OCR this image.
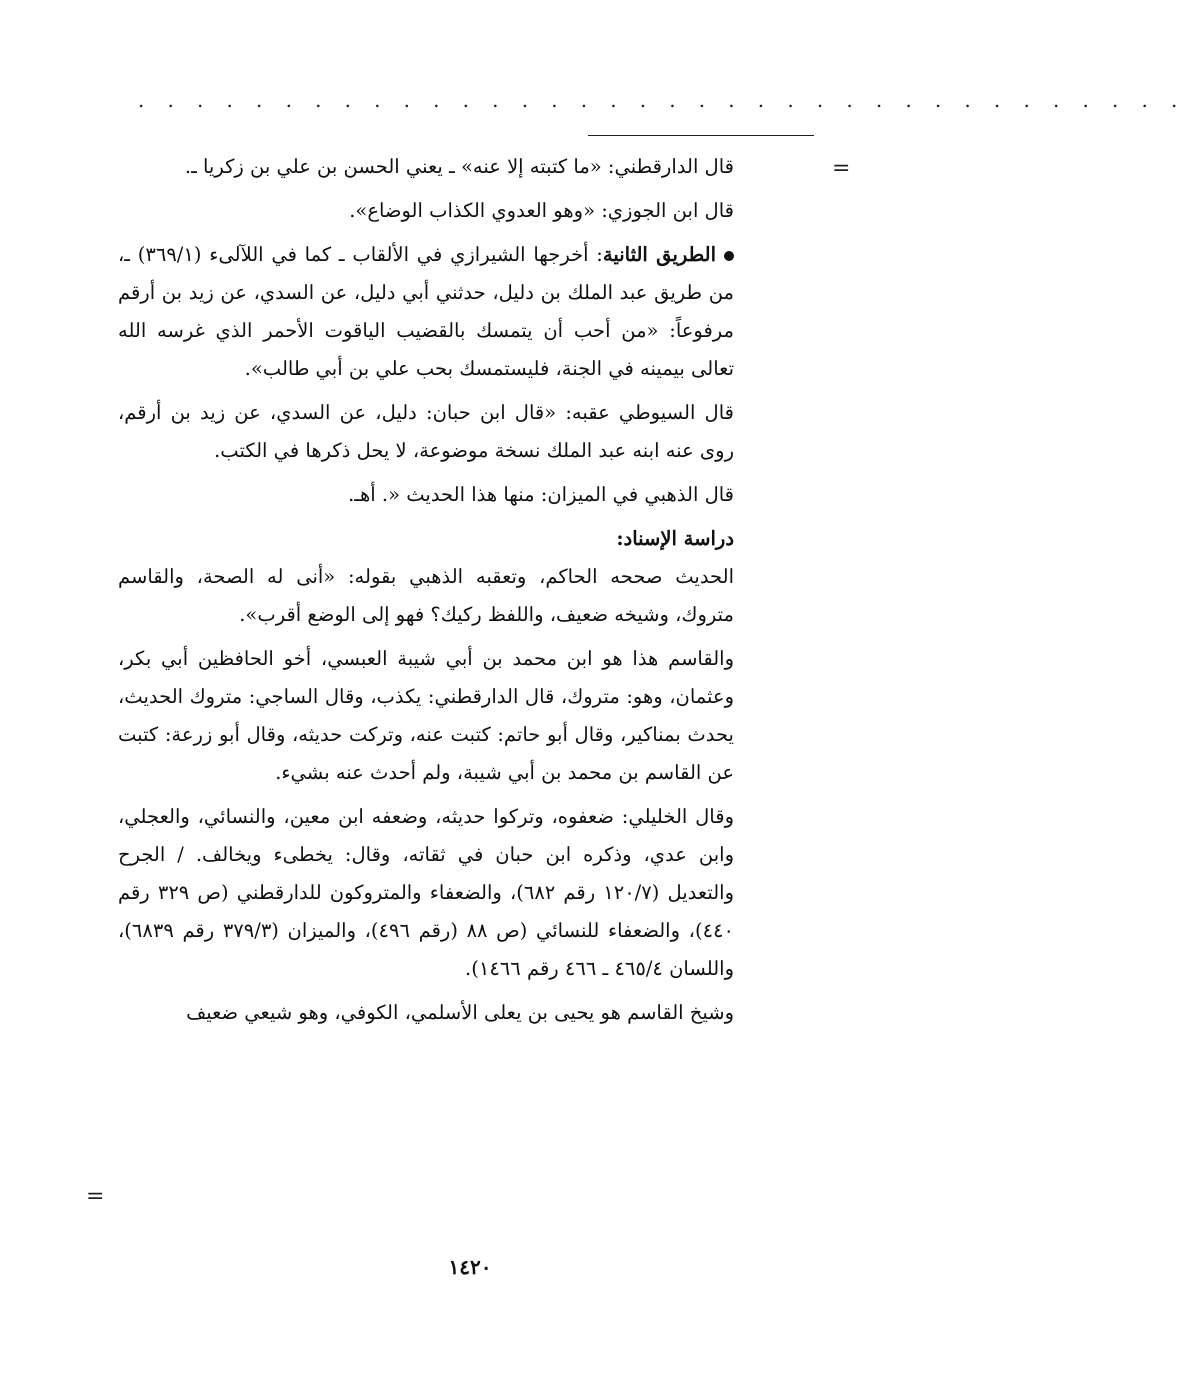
. . . . . . . . . . . . . . . . . . . . . . . . . . . . . . . . . . . .
=

قال الدارقطني: «ما كتبته إلا عنه» ـ يعني الحسن بن علي بن زكريا ـ.

قال ابن الجوزي: «وهو العدوي الكذاب الوضاع».

الطريق الثانية: أخرجها الشيرازي في الألقاب ـ كما في اللآلىء (٣٦٩/١) ـ، من طريق عبد الملك بن دليل، حدثني أبي دليل، عن السدي، عن زيد بن أرقم مرفوعاً: «من أحب أن يتمسك بالقضيب الياقوت الأحمر الذي غرسه الله تعالى بيمينه في الجنة، فليستمسك بحب علي بن أبي طالب».

قال السيوطي عقبه: «قال ابن حبان: دليل، عن السدي، عن زيد بن أرقم، روى عنه ابنه عبد الملك نسخة موضوعة، لا يحل ذكرها في الكتب.

قال الذهبي في الميزان: منها هذا الحديث «. أهـ.

دراسة الإسناد:

الحديث صححه الحاكم، وتعقبه الذهبي بقوله: «أنى له الصحة، والقاسم متروك، وشيخه ضعيف، واللفظ ركيك؟ فهو إلى الوضع أقرب».

والقاسم هذا هو ابن محمد بن أبي شيبة العبسي، أخو الحافظين أبي بكر، وعثمان، وهو: متروك، قال الدارقطني: يكذب، وقال الساجي: متروك الحديث، يحدث بمناكير، وقال أبو حاتم: كتبت عنه، وتركت حديثه، وقال أبو زرعة: كتبت عن القاسم بن محمد بن أبي شيبة، ولم أحدث عنه بشيء.

وقال الخليلي: ضعفوه، وتركوا حديثه، وضعفه ابن معين، والنسائي، والعجلي، وابن عدي، وذكره ابن حبان في ثقاته، وقال: يخطىء ويخالف. / الجرح والتعديل (١٢٠/٧ رقم ٦٨٢)، والضعفاء والمتروكون للدارقطني (ص ٣٢٩ رقم ٤٤٠)، والضعفاء للنسائي (ص ٨٨ (رقم ٤٩٦)، والميزان (٣٧٩/٣ رقم ٦٨٣٩)، واللسان ٤٦٥/٤ ـ ٤٦٦ رقم ١٤٦٦).

وشيخ القاسم هو يحيى بن يعلى الأسلمي، الكوفي، وهو شيعي ضعيف

=
١٤٢٠
